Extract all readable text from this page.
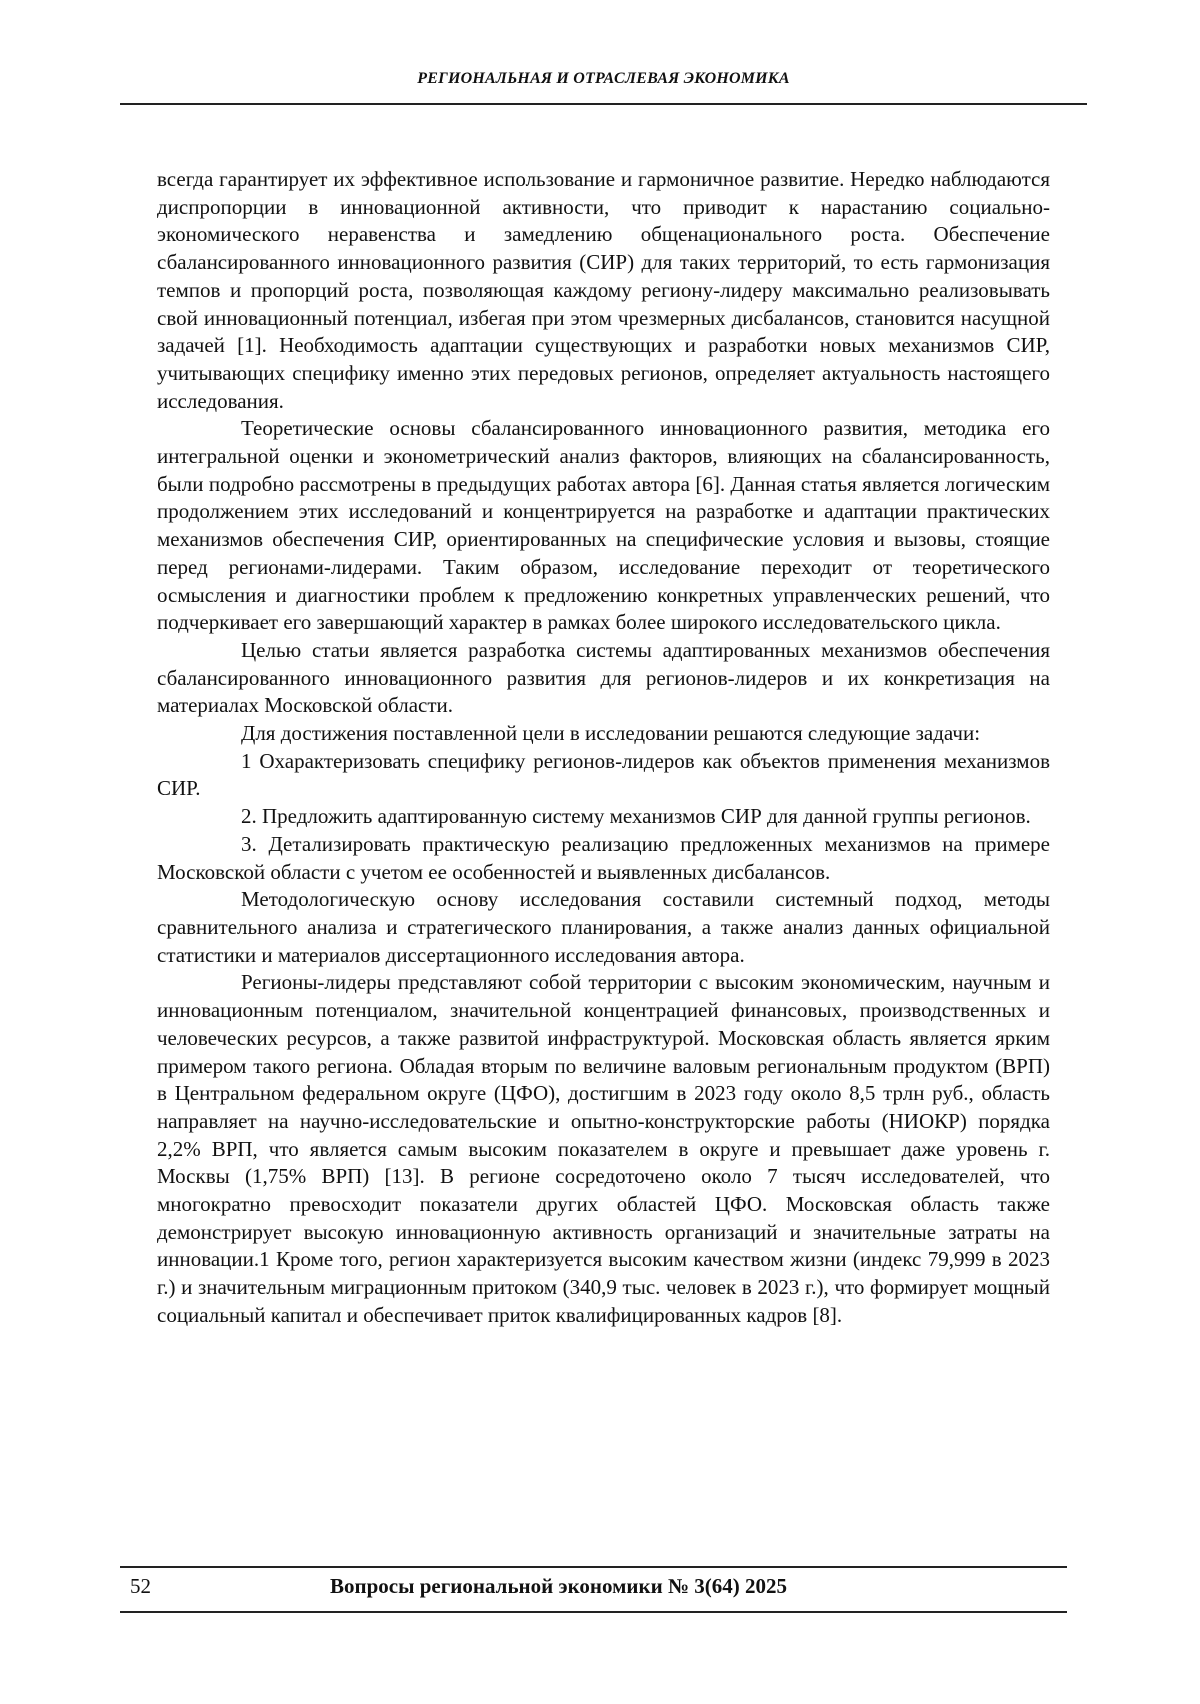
РЕГИОНАЛЬНАЯ И ОТРАСЛЕВАЯ ЭКОНОМИКА

всегда гарантирует их эффективное использование и гармоничное развитие. Нередко наблюдаются диспропорции в инновационной активности, что приводит к нарастанию социально-экономического неравенства и замедлению общенационального роста. Обеспечение сбалансированного инновационного развития (СИР) для таких территорий, то есть гармонизация темпов и пропорций роста, позволяющая каждому региону-лидеру максимально реализовывать свой инновационный потенциал, избегая при этом чрезмерных дисбалансов, становится насущной задачей [1]. Необходимость адаптации существующих и разработки новых механизмов СИР, учитывающих специфику именно этих передовых регионов, определяет актуальность настоящего исследования.

Теоретические основы сбалансированного инновационного развития, методика его интегральной оценки и эконометрический анализ факторов, влияющих на сбалансированность, были подробно рассмотрены в предыдущих работах автора [6]. Данная статья является логическим продолжением этих исследований и концентрируется на разработке и адаптации практических механизмов обеспечения СИР, ориентированных на специфические условия и вызовы, стоящие перед регионами-лидерами. Таким образом, исследование переходит от теоретического осмысления и диагностики проблем к предложению конкретных управленческих решений, что подчеркивает его завершающий характер в рамках более широкого исследовательского цикла.

Целью статьи является разработка системы адаптированных механизмов обеспечения сбалансированного инновационного развития для регионов-лидеров и их конкретизация на материалах Московской области.

Для достижения поставленной цели в исследовании решаются следующие задачи:

1 Охарактеризовать специфику регионов-лидеров как объектов применения механизмов СИР.

2. Предложить адаптированную систему механизмов СИР для данной группы регионов.

3. Детализировать практическую реализацию предложенных механизмов на примере Московской области с учетом ее особенностей и выявленных дисбалансов.

Методологическую основу исследования составили системный подход, методы сравнительного анализа и стратегического планирования, а также анализ данных официальной статистики и материалов диссертационного исследования автора.

Регионы-лидеры представляют собой территории с высоким экономическим, научным и инновационным потенциалом, значительной концентрацией финансовых, производственных и человеческих ресурсов, а также развитой инфраструктурой. Московская область является ярким примером такого региона. Обладая вторым по величине валовым региональным продуктом (ВРП) в Центральном федеральном округе (ЦФО), достигшим в 2023 году около 8,5 трлн руб., область направляет на научно-исследовательские и опытно-конструкторские работы (НИОКР) порядка 2,2% ВРП, что является самым высоким показателем в округе и превышает даже уровень г. Москвы (1,75% ВРП) [13]. В регионе сосредоточено около 7 тысяч исследователей, что многократно превосходит показатели других областей ЦФО. Московская область также демонстрирует высокую инновационную активность организаций и значительные затраты на инновации.1 Кроме того, регион характеризуется высоким качеством жизни (индекс 79,999 в 2023 г.) и значительным миграционным притоком (340,9 тыс. человек в 2023 г.), что формирует мощный социальный капитал и обеспечивает приток квалифицированных кадров [8].

52	Вопросы региональной экономики № 3(64) 2025
